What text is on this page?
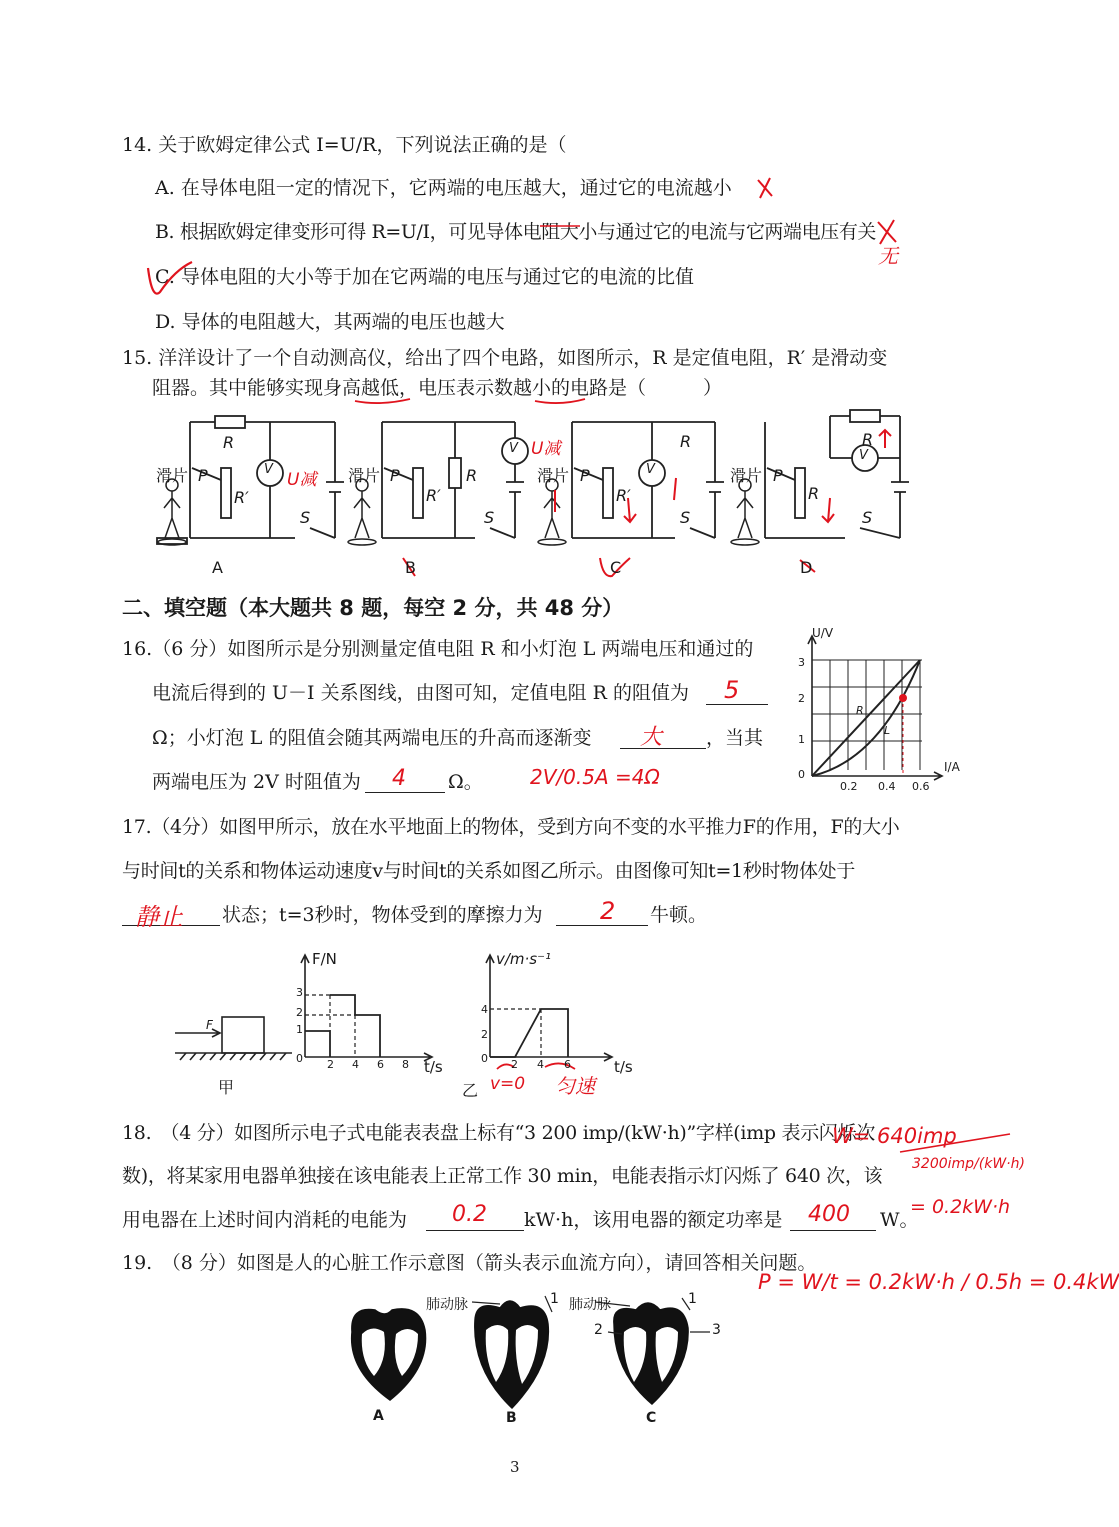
14. 关于欧姆定律公式 I=U/R，下列说法正确的是（
A. 在导体电阻一定的情况下，它两端的电压越大，通过它的电流越小
B. 根据欧姆定律变形可得 R=U/I，可见导体电阻大小与通过它的电流与它两端电压有关
C. 导体电阻的大小等于加在它两端的电压与通过它的电流的比值
D. 导体的电阻越大，其两端的电压也越大
无
15. 洋洋设计了一个自动测高仪，给出了四个电路，如图所示，R 是定值电阻，R′ 是滑动变
阻器。其中能够实现身高越低，电压表示数越小的电路是（　　　）
滑片	滑片	滑片	滑片
R
P
R′
V
S
U减	P
R′
R
V
S
U减
P
R′
R
V
S
P
R
R
V
S
A	B	C	D
二、填空题（本大题共 8 题，每空 2 分，共 48 分）
16.（6 分）如图所示是分别测量定值电阻 R 和小灯泡 L 两端电压和通过的
电流后得到的 U－I 关系图线，由图可知，定值电阻 R 的阻值为 5
Ω；小灯泡 L 的阻值会随其两端电压的升高而逐渐变 大 ，当其
两端电压为 2V 时阻值为 4 Ω。 2V/0.5A =4Ω
U/V
I/A
1
2
3
0
0.2 0.4 0.6
R
L
17.（4分）如图甲所示，放在水平地面上的物体，受到方向不变的水平推力F的作用，F的大小
与时间t的关系和物体运动速度v与时间t的关系如图乙所示。由图像可知t=1秒时物体处于
静止 状态；t=3秒时，物体受到的摩擦力为 2 牛顿。
F
甲
F/N
t/s
1
2
3
0 2 4 6 8
v/m·s⁻¹
t/s
2
4
0 2 4 6
乙 v=0 匀速
18.　（4 分）如图所示电子式电能表表盘上标有“3 200 imp/(kW·h)”字样(imp 表示闪烁次
数)，将某家用电器单独接在该电能表上正常工作 30 min，电能表指示灯闪烁了 640 次，该
用电器在上述时间内消耗的电能为 0.2 kW·h，该用电器的额定功率是 400 W。
W= 640imp
3200imp/(kW·h)
= 0.2kW·h
19.　（8 分）如图是人的心脏工作示意图（箭头表示血流方向），请回答相关问题。
P = W/t = 0.2kW·h / 0.5h = 0.4kW
A	B	C
肺动脉	1 肺动脉	1
2	3
3
